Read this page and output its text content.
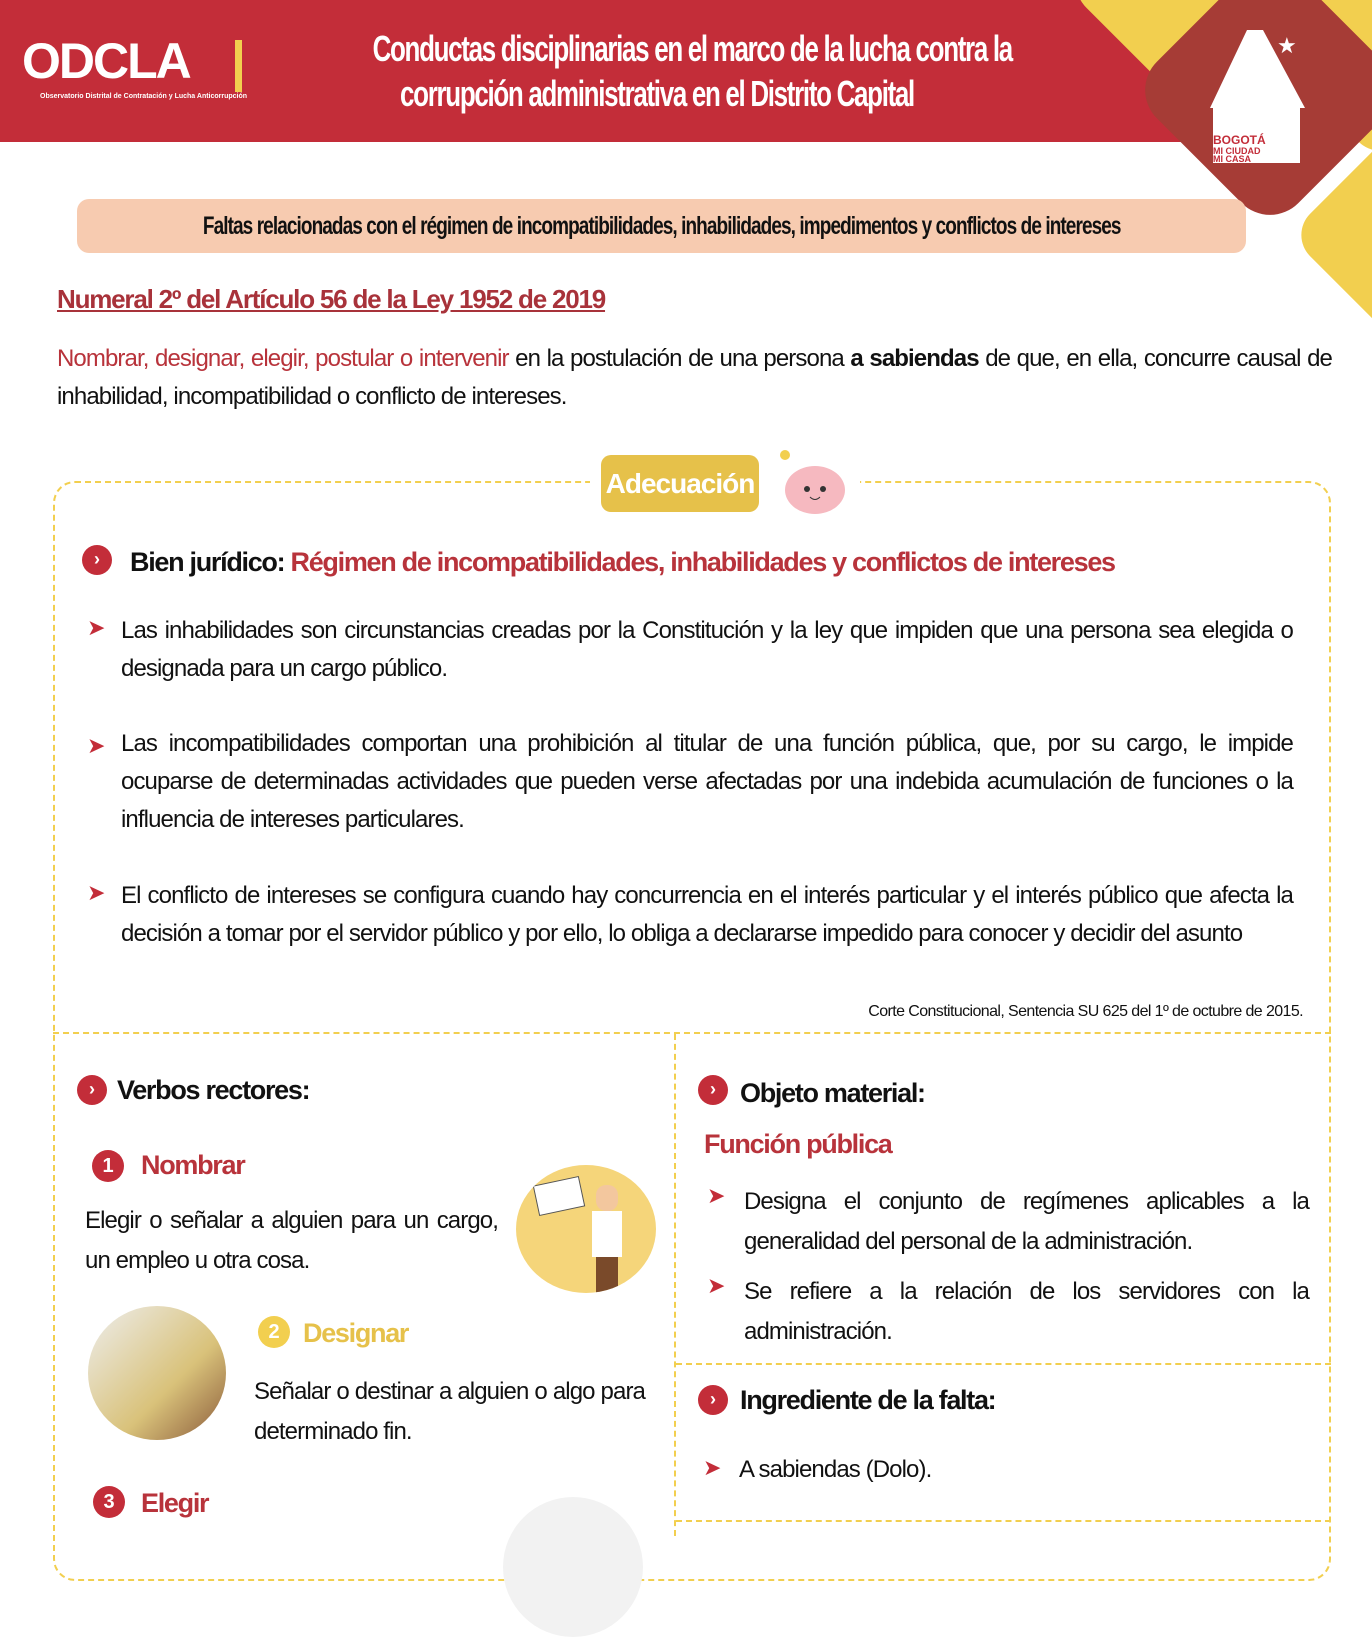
★
BOGOTÁ
MI CIUDAD
MI CASA
ODCLA
Observatorio Distrital de Contratación y Lucha Anticorrupción
Conductas disciplinarias en el marco de la lucha contra la
corrupción administrativa en el Distrito Capital
Faltas relacionadas con el régimen de incompatibilidades, inhabilidades, impedimentos y conflictos de intereses
Numeral 2º del Artículo 56 de la Ley 1952 de 2019
Nombrar, designar, elegir, postular o intervenir en la postulación de una persona a sabiendas de que, en ella, concurre causal de inhabilidad, incompatibilidad o conflicto de intereses.
Adecuación
›	Bien jurídico: Régimen de incompatibilidades, inhabilidades y conflictos de intereses
➤ Las inhabilidades son circunstancias creadas por la Constitución y la ley que impiden que una persona sea elegida o designada para un cargo público.
➤ Las incompatibilidades comportan una prohibición al titular de una función pública, que, por su cargo, le impide ocuparse de determinadas actividades que pueden verse afectadas por una indebida acumulación de funciones o la influencia de intereses particulares.
➤ El conflicto de intereses se configura cuando hay concurrencia en el interés particular y el interés público que afecta la decisión a tomar por el servidor público y por ello, lo obliga a declararse impedido para conocer y decidir del asunto
Corte Constitucional, Sentencia SU 625 del 1º de octubre de 2015.
› Verbos rectores:
1	Nombrar
Elegir o señalar a alguien para un cargo, un empleo u otra cosa.
2 Designar
Señalar o destinar a alguien o algo para determinado fin.
3 Elegir
› Objeto material:
Función pública
➤ Designa el conjunto de regímenes aplicables a la generalidad del personal de la administración.
➤ Se refiere a la relación de los servidores con la administración.
› Ingrediente de la falta:
➤ A sabiendas (Dolo).
